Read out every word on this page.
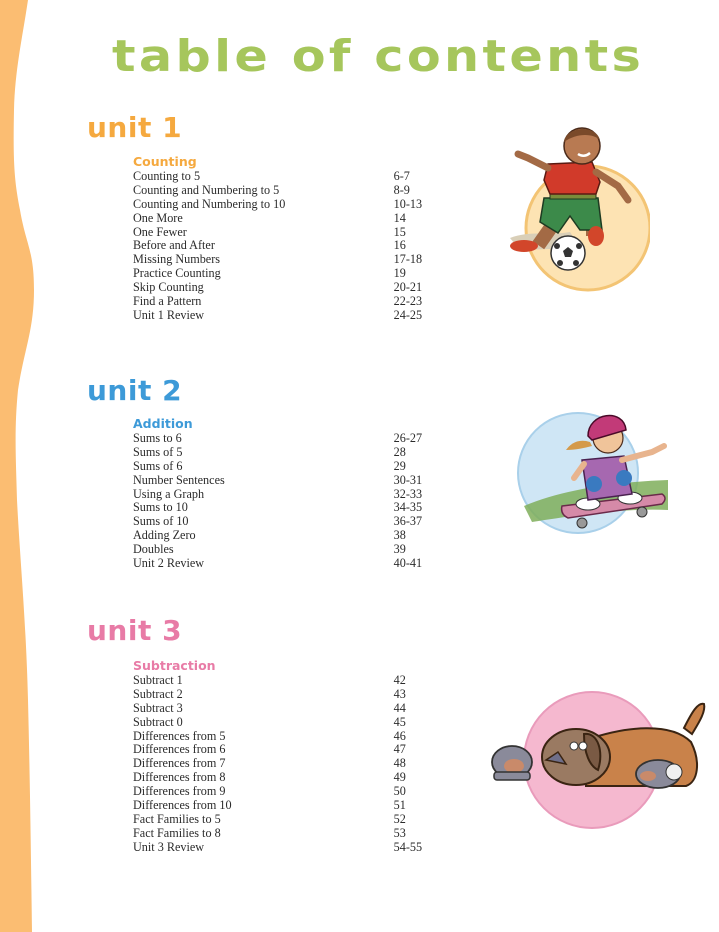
table of contents
unit 1
Counting
Counting to 5	6-7
Counting and Numbering to 5	8-9
Counting and Numbering to 10	10-13
One More	14
One Fewer	15
Before and After	16
Missing Numbers	17-18
Practice Counting	19
Skip Counting	20-21
Find a Pattern	22-23
Unit 1 Review	24-25
unit 2
Addition
Sums to 6	26-27
Sums of 5	28
Sums of 6	29
Number Sentences	30-31
Using a Graph	32-33
Sums to 10	34-35
Sums of 10	36-37
Adding Zero	38
Doubles	39
Unit 2 Review	40-41
unit 3
Subtraction
Subtract 1	42
Subtract 2	43
Subtract 3	44
Subtract 0	45
Differences from 5	46
Differences from 6	47
Differences from 7	48
Differences from 8	49
Differences from 9	50
Differences from 10	51
Fact Families to 5	52
Fact Families to 8	53
Unit 3 Review	54-55
